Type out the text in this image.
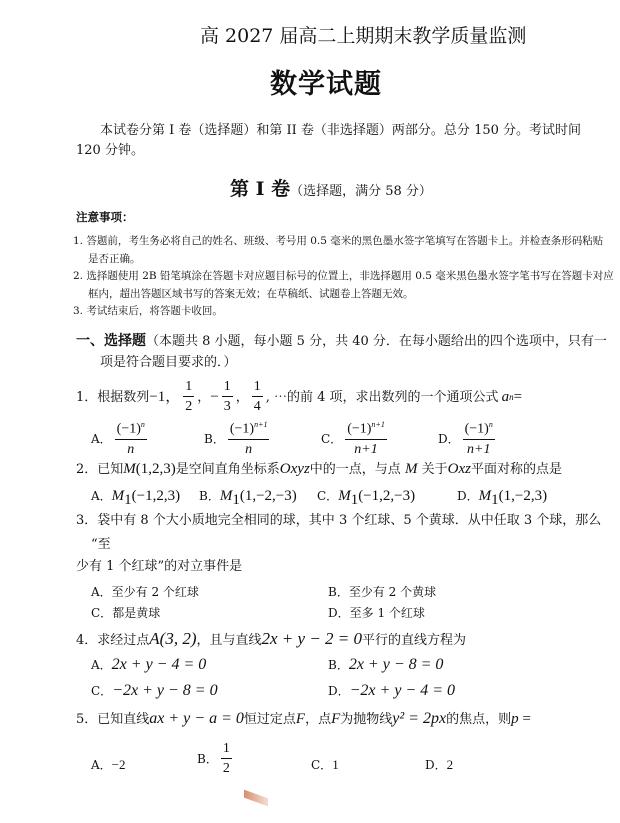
高 2027 届高二上期期末教学质量监测
数学试题
本试卷分第 I 卷（选择题）和第 II 卷（非选择题）两部分。总分 150 分。考试时间
120 分钟。
第 I 卷（选择题，满分 58 分）
注意事项：
1. 答题前，考生务必将自己的姓名、班级、考号用 0.5 毫米的黑色墨水签字笔填写在答题卡上。并检查条形码粘贴
是否正确。
2. 选择题使用 2B 铅笔填涂在答题卡对应题目标号的位置上，非选择题用 0.5 毫米黑色墨水签字笔书写在答题卡对应
框内，超出答题区域书写的答案无效；在草稿纸、试题卷上答题无效。
3. 考试结束后，将答题卡收回。
一、选择题（本题共 8 小题，每小题 5 分，共 40 分．在每小题给出的四个选项中，只有一
项是符合题目要求的．）
1．根据数列 −1， $\frac{1}{2}$ ， − $\frac{1}{3}$ ， $\frac{1}{4}$ , ⋯的前 4 项，求出数列的一个通项公式 a n =
A． $\frac{(-1)^n}{n}$	B． $\frac{(-1)^{n+1}}{n}$	C． $\frac{(-1)^{n+1}}{n+1}$	D． $\frac{(-1)^n}{n+1}$
2．已知M(1,2,3)是空间直角坐标系Oxyz中的一点，与点 M 关于Oxz平面对称的点是
A．$M_1(-1,2,3)$	B．$M_1(1,-2,-3)$	C．$M_1(-1,2,-3)$	D．$M_1(1,-2,3)$
3．袋中有 8 个大小质地完全相同的球，其中 3 个红球、5 个黄球．从中任取 3 个球，那么
“至
少有 1 个红球”的对立事件是
A．至少有 2 个红球	B．至少有 2 个黄球
C．都是黄球	D．至多 1 个红球
4．求经过点A(3, 2)，且与直线2x + y − 2 = 0平行的直线方程为
A．2x + y − 4 = 0	B．2x + y − 8 = 0
C．−2x + y − 8 = 0	D．−2x + y − 4 = 0
5．已知直线ax + y − a = 0恒过定点F，点F为抛物线y² = 2px的焦点，则p =
A．−2	B． $\frac{1}{2}$	C．1	D．2
